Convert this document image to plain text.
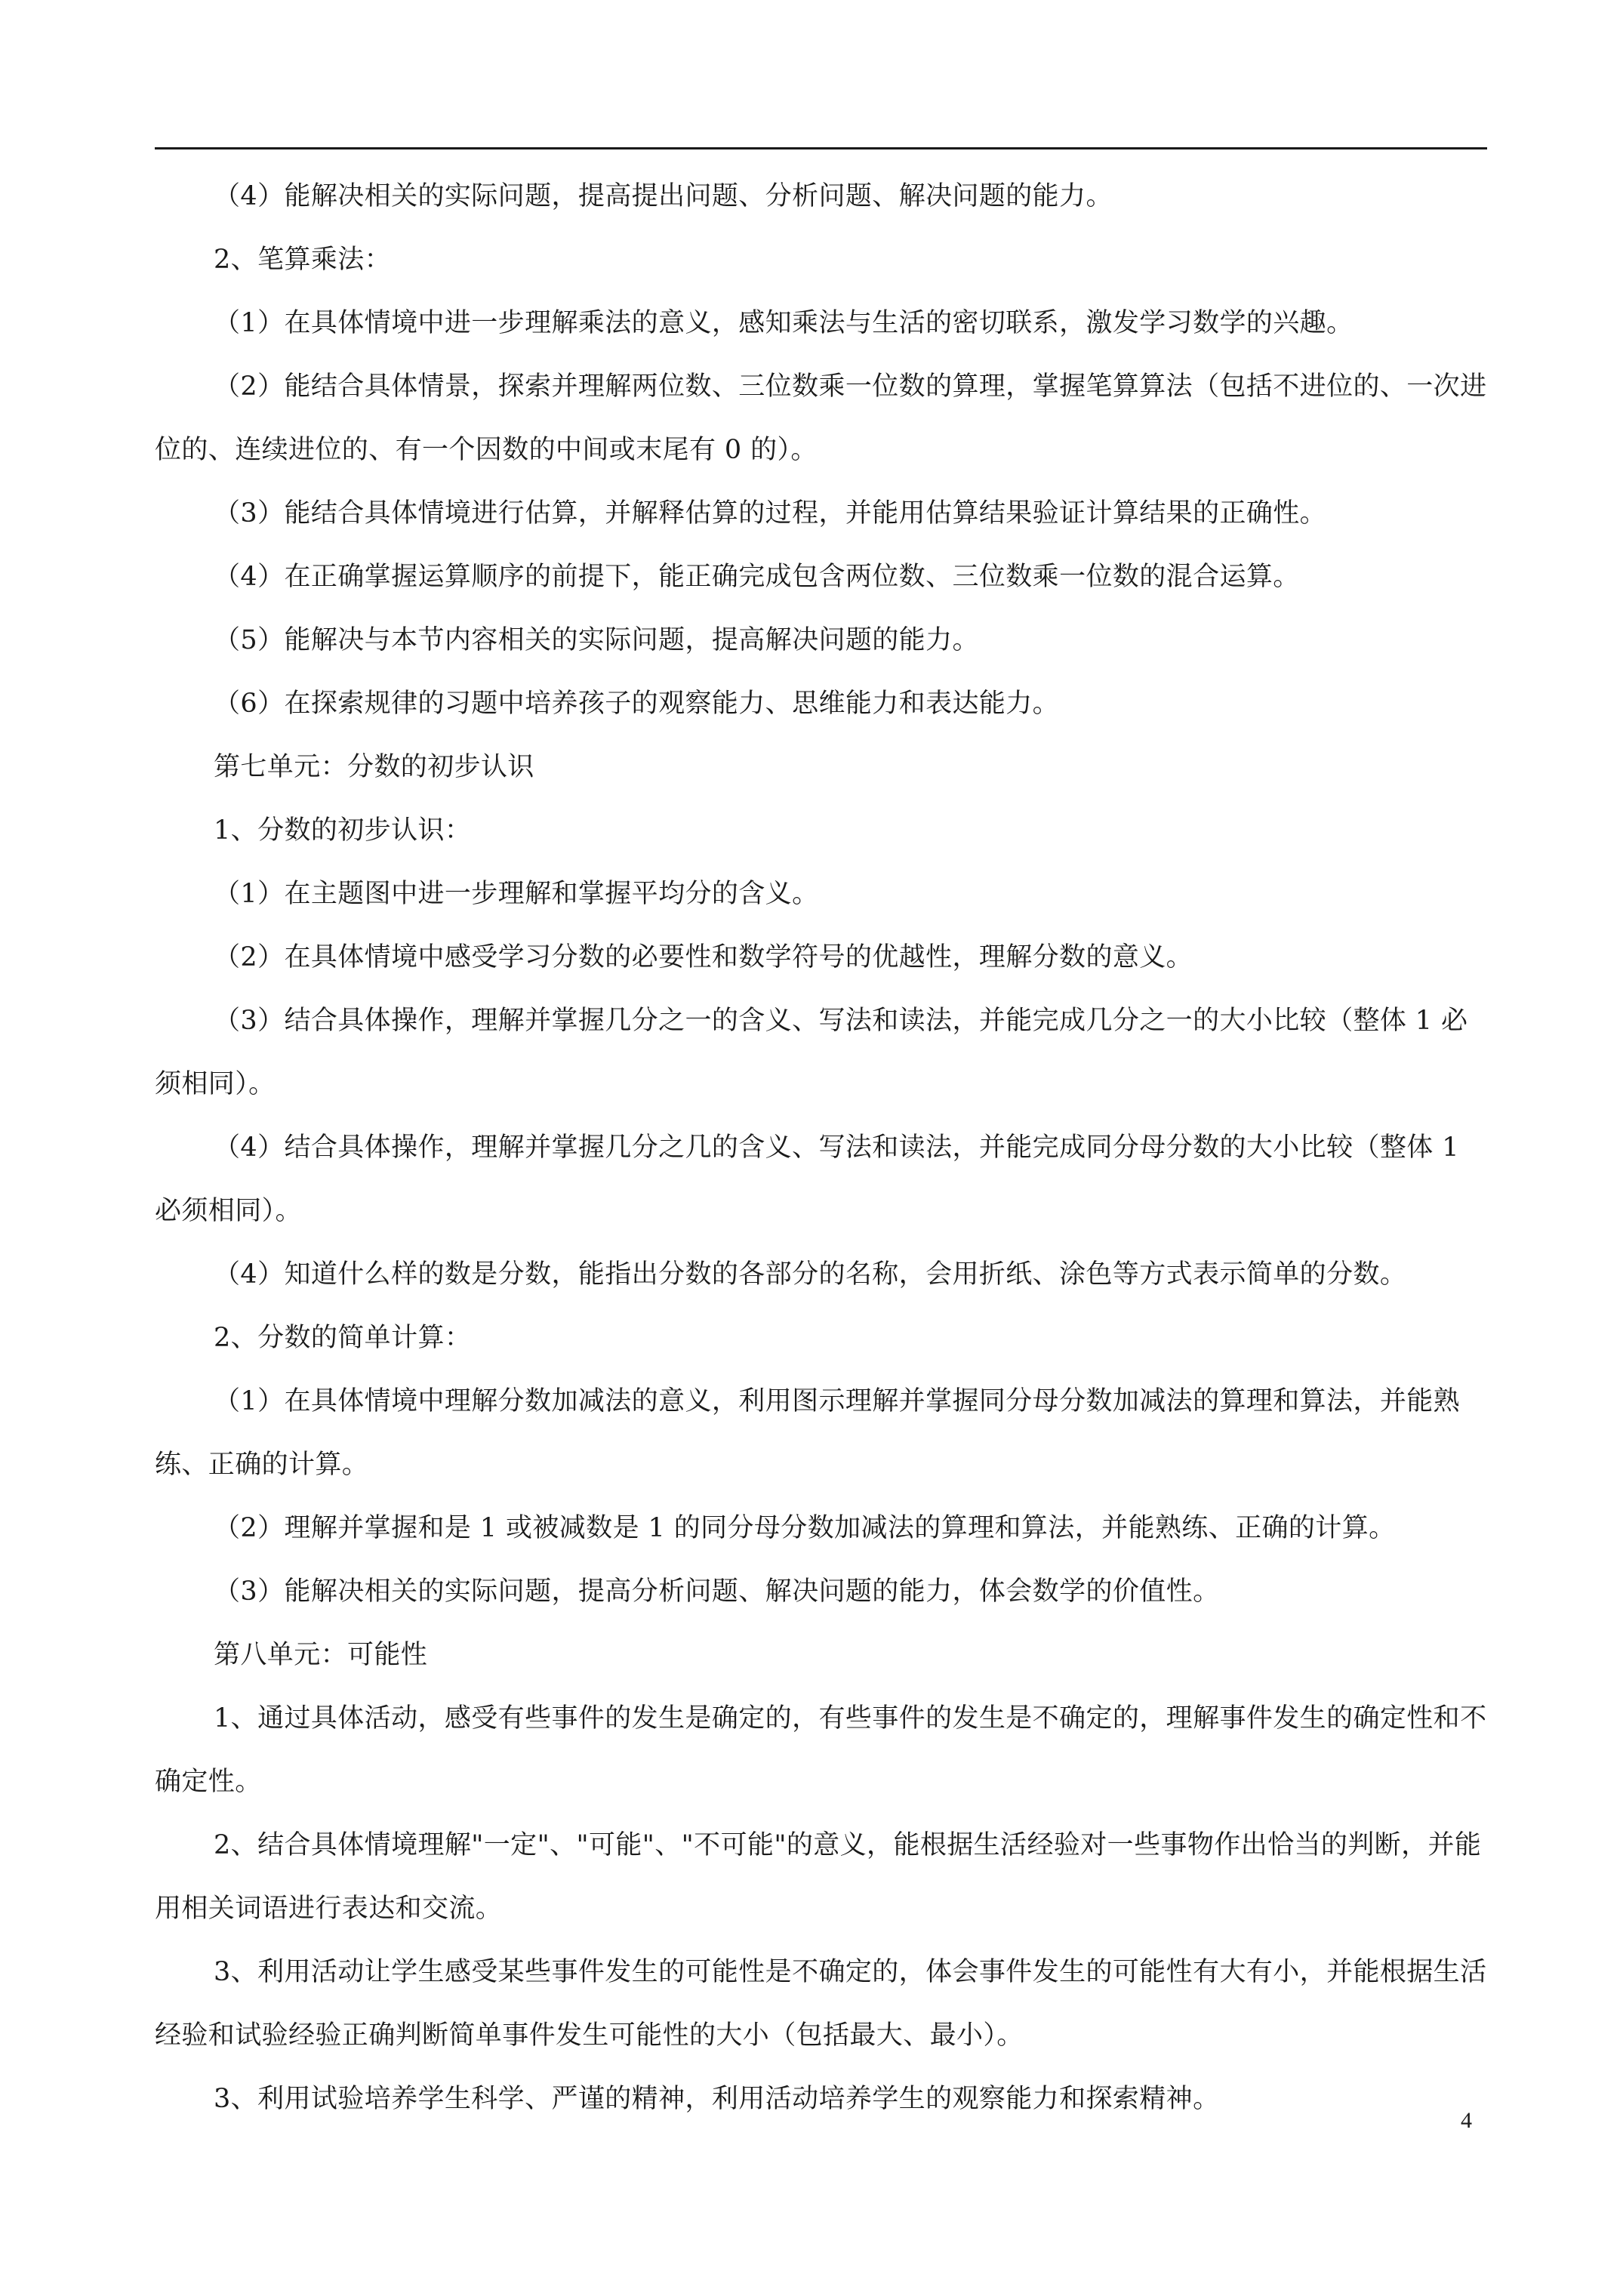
（4）能解决相关的实际问题，提高提出问题、分析问题、解决问题的能力。

2、笔算乘法：

（1）在具体情境中进一步理解乘法的意义，感知乘法与生活的密切联系，激发学习数学的兴趣。

（2）能结合具体情景，探索并理解两位数、三位数乘一位数的算理，掌握笔算算法（包括不进位的、一次进位的、连续进位的、有一个因数的中间或末尾有 0 的）。

（3）能结合具体情境进行估算，并解释估算的过程，并能用估算结果验证计算结果的正确性。

（4）在正确掌握运算顺序的前提下，能正确完成包含两位数、三位数乘一位数的混合运算。

（5）能解决与本节内容相关的实际问题，提高解决问题的能力。

（6）在探索规律的习题中培养孩子的观察能力、思维能力和表达能力。

第七单元：分数的初步认识

1、分数的初步认识：

（1）在主题图中进一步理解和掌握平均分的含义。

（2）在具体情境中感受学习分数的必要性和数学符号的优越性，理解分数的意义。

（3）结合具体操作，理解并掌握几分之一的含义、写法和读法，并能完成几分之一的大小比较（整体 1 必须相同）。

（4）结合具体操作，理解并掌握几分之几的含义、写法和读法，并能完成同分母分数的大小比较（整体 1 必须相同）。

（4）知道什么样的数是分数，能指出分数的各部分的名称，会用折纸、涂色等方式表示简单的分数。

2、分数的简单计算：

（1）在具体情境中理解分数加减法的意义，利用图示理解并掌握同分母分数加减法的算理和算法，并能熟练、正确的计算。

（2）理解并掌握和是 1 或被减数是 1 的同分母分数加减法的算理和算法，并能熟练、正确的计算。

（3）能解决相关的实际问题，提高分析问题、解决问题的能力，体会数学的价值性。

第八单元：可能性

1、通过具体活动，感受有些事件的发生是确定的，有些事件的发生是不确定的，理解事件发生的确定性和不确定性。

2、结合具体情境理解"一定"、"可能"、"不可能"的意义，能根据生活经验对一些事物作出恰当的判断，并能用相关词语进行表达和交流。

3、利用活动让学生感受某些事件发生的可能性是不确定的，体会事件发生的可能性有大有小，并能根据生活经验和试验经验正确判断简单事件发生可能性的大小（包括最大、最小）。

3、利用试验培养学生科学、严谨的精神，利用活动培养学生的观察能力和探索精神。

4
